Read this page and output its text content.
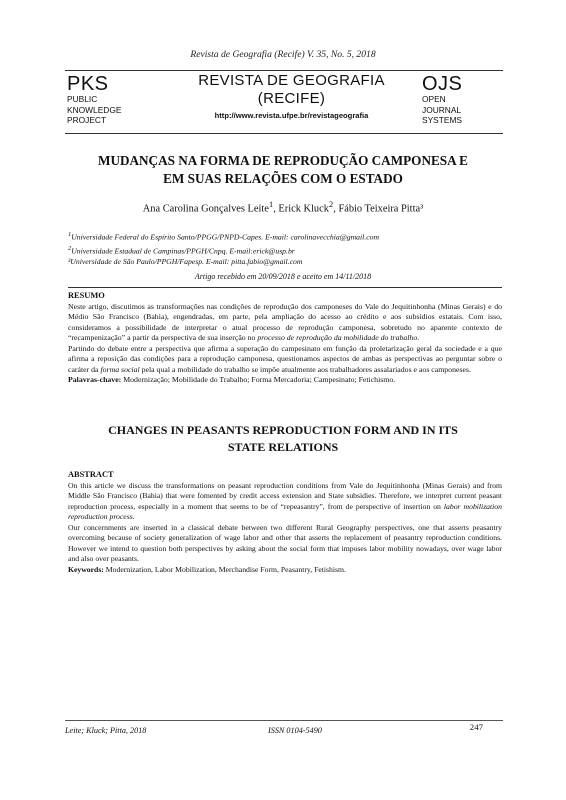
Revista de Geografia (Recife) V. 35, No. 5, 2018
PKS
PUBLIC
KNOWLEDGE
PROJECT
REVISTA DE GEOGRAFIA
(RECIFE)
http://www.revista.ufpe.br/revistageografia
OJS
OPEN
JOURNAL
SYSTEMS
MUDANÇAS NA FORMA DE REPRODUÇÃO CAMPONESA E
EM SUAS RELAÇÕES COM O ESTADO
Ana Carolina Gonçalves Leite$^1$, Erick Kluck$^2$, Fábio Teixeira Pitta³
$^1$Universidade Federal do Espírito Santo/PPGG/PNPD-Capes. E-mail: carolinavecchia@gmail.com
$^2$Universidade Estadual de Campinas/PPGH/Cnpq. E-mail:erick@usp.br
³Universidade de São Paulo/PPGH/Fapesp. E-mail: pitta.fabio@gmail.com
Artigo recebido em 20/09/2018 e aceito em 14/11/2018
RESUMO

Neste artigo, discutimos as transformações nas condições de reprodução dos camponeses do Vale do Jequitinhonha (Minas Gerais) e do Médio São Francisco (Bahia), engendradas, em parte, pela ampliação do acesso ao crédito e aos subsídios estatais. Com isso, consideramos a possibilidade de interpretar o atual processo de reprodução camponesa, sobretudo no aparente contexto de “recampenização” a partir da perspectiva de sua inserção no processo de reprodução da mobilidade do trabalho.

Partindo do debate entre a perspectiva que afirma a superação do campesinato em função da proletarização geral da sociedade e a que afirma a reposição das condições para a reprodução camponesa, questionamos aspectos de ambas as perspectivas ao perguntar sobre o caráter da forma social pela qual a mobilidade do trabalho se impõe atualmente aos trabalhadores assalariados e aos camponeses.

Palavras-chave: Modernização; Mobilidade do Trabalho; Forma Mercadoria; Campesinato; Fetichismo.

CHANGES IN PEASANTS REPRODUCTION FORM AND IN ITS
STATE RELATIONS
ABSTRACT

On this article we discuss the transformations on peasant reproduction conditions from Vale do Jequitinhonha (Minas Gerais) and from Middle São Francisco (Bahia) that were fomented by credit access extension and State subsidies. Therefore, we interpret current peasant reproduction process, especially in a moment that seems to be of “repeasantry”, from de perspective of insertion on labor mobilization reproduction process.

Our concernments are inserted in a classical debate between two different Rural Geography perspectives, one that asserts peasantry overcoming because of society generalization of wage labor and other that asserts the replacement of peasantry reproduction conditions. However we intend to question both perspectives by asking about the social form that imposes labor mobility nowadays, over wage labor and also over peasants.

Keywords: Modernization, Labor Mobilization, Merchandise Form, Peasantry, Fetishism.

Leite; Kluck; Pitta, 2018	ISSN 0104-5490	247
